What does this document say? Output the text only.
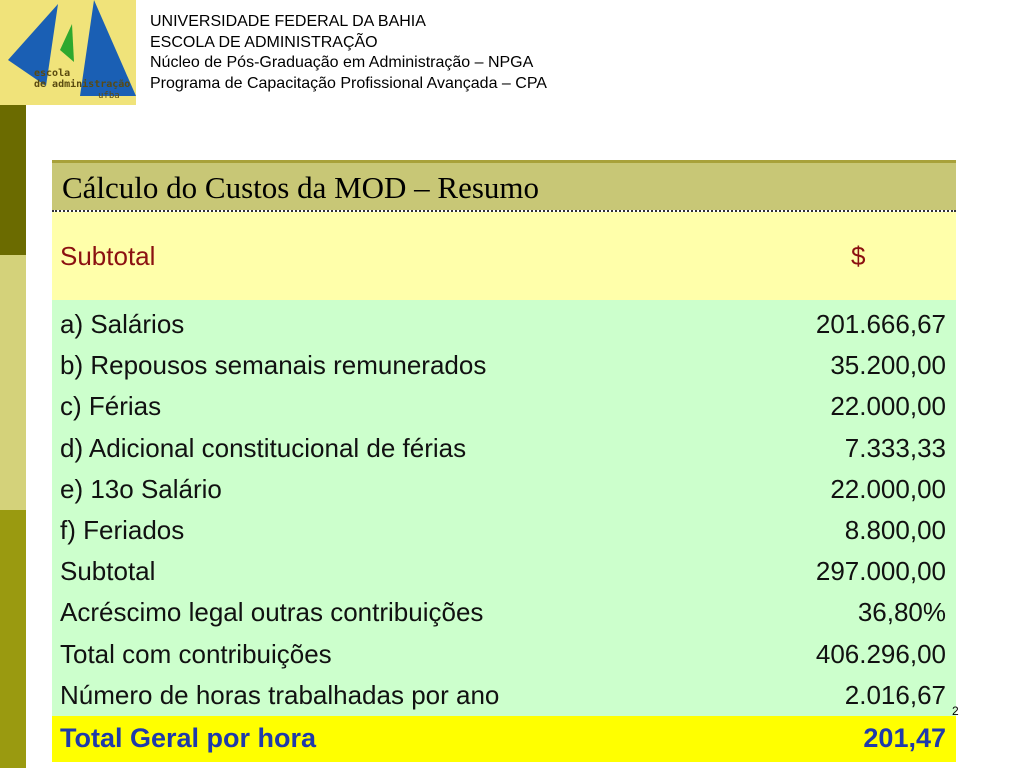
escola
de administração
ufba
UNIVERSIDADE FEDERAL DA BAHIA
ESCOLA DE ADMINISTRAÇÃO
Núcleo de Pós-Graduação em Administração – NPGA
Programa de Capacitação Profissional Avançada – CPA
Cálculo do Custos da MOD – Resumo
Subtotal	$
a) Salários	201.666,67
b) Repousos semanais remunerados	35.200,00
c) Férias	22.000,00
d) Adicional constitucional de férias	7.333,33
e) 13o Salário	22.000,00
f) Feriados	8.800,00
Subtotal	297.000,00
Acréscimo legal outras contribuições	36,80%
Total com contribuições	406.296,00
Número de horas trabalhadas por ano	2.016,67
Total Geral por hora	201,47
2
